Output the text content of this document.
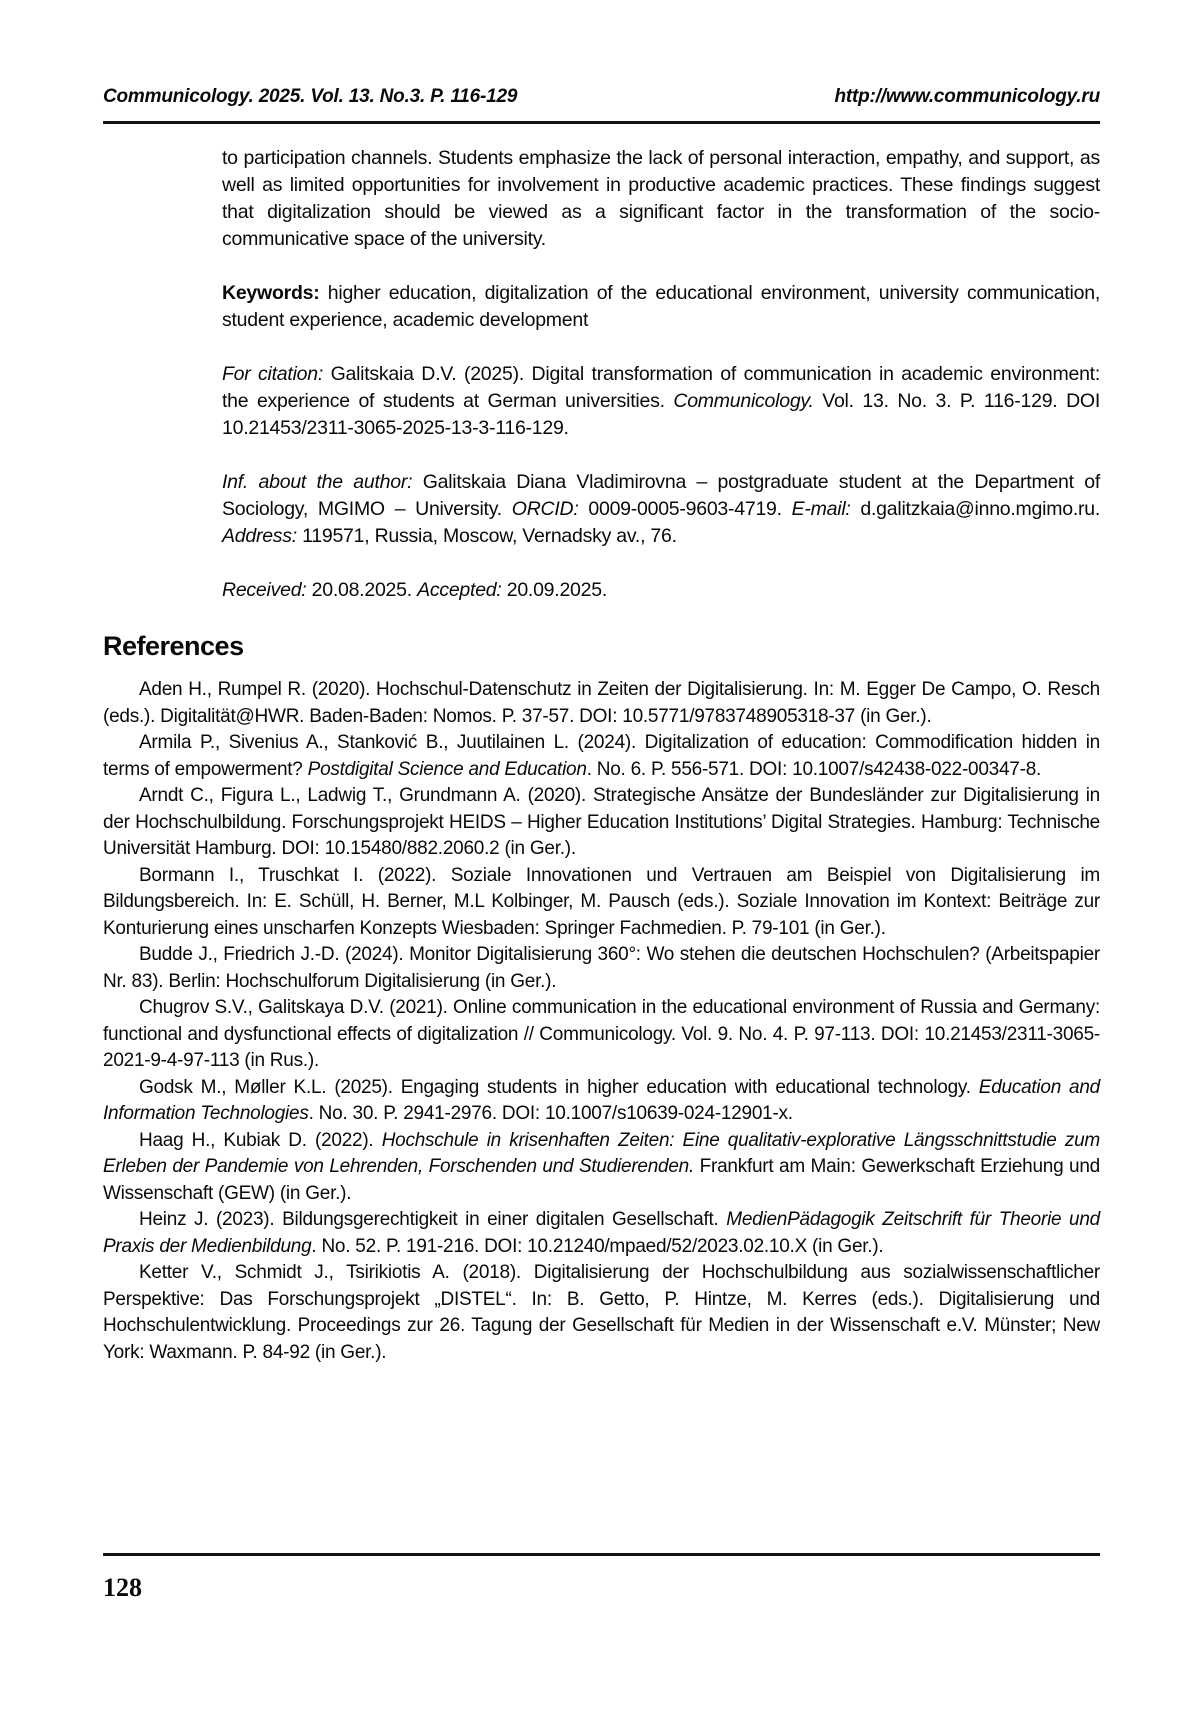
Communicology. 2025. Vol. 13. No.3. P. 116-129	http://www.communicology.ru

to participation channels. Students emphasize the lack of personal interaction, empathy, and support, as well as limited opportunities for involvement in productive academic practices. These findings suggest that digitalization should be viewed as a significant factor in the transformation of the socio-communicative space of the university.

Keywords: higher education, digitalization of the educational environment, university communication, student experience, academic development

For citation: Galitskaia D.V. (2025). Digital transformation of communication in academic environment: the experience of students at German universities. Communicology. Vol. 13. No. 3. P. 116-129. DOI 10.21453/2311-3065-2025-13-3-116-129.

Inf. about the author: Galitskaia Diana Vladimirovna – postgraduate student at the Department of Sociology, MGIMO – University. ORCID: 0009-0005-9603-4719. E-mail: d.galitzkaia@inno.mgimo.ru. Address: 119571, Russia, Moscow, Vernadsky av., 76.

Received: 20.08.2025. Accepted: 20.09.2025.

References

Aden H., Rumpel R. (2020). Hochschul-Datenschutz in Zeiten der Digitalisierung. In: M. Egger De Campo, O. Resch (eds.). Digitalität@HWR. Baden-Baden: Nomos. P. 37-57. DOI: 10.5771/9783748905318-37 (in Ger.).

Armila P., Sivenius A., Stanković B., Juutilainen L. (2024). Digitalization of education: Commodification hidden in terms of empowerment? Postdigital Science and Education. No. 6. P. 556-571. DOI: 10.1007/s42438-022-00347-8.

Arndt C., Figura L., Ladwig T., Grundmann A. (2020). Strategische Ansätze der Bundesländer zur Digitalisierung in der Hochschulbildung. Forschungsprojekt HEIDS – Higher Education Institutions’ Digital Strategies. Hamburg: Technische Universität Hamburg. DOI: 10.15480/882.2060.2 (in Ger.).

Bormann I., Truschkat I. (2022). Soziale Innovationen und Vertrauen am Beispiel von Digitalisierung im Bildungsbereich. In: E. Schüll, H. Berner, M.L Kolbinger, M. Pausch (eds.). Soziale Innovation im Kontext: Beiträge zur Konturierung eines unscharfen Konzepts Wiesbaden: Springer Fachmedien. P. 79-101 (in Ger.).

Budde J., Friedrich J.-D. (2024). Monitor Digitalisierung 360°: Wo stehen die deutschen Hochschulen? (Arbeitspapier Nr. 83). Berlin: Hochschulforum Digitalisierung (in Ger.).

Chugrov S.V., Galitskaya D.V. (2021). Online communication in the educational environment of Russia and Germany: functional and dysfunctional effects of digitalization // Communicology. Vol. 9. No. 4. P. 97-113. DOI: 10.21453/2311-3065-2021-9-4-97-113 (in Rus.).

Godsk M., Møller K.L. (2025). Engaging students in higher education with educational technology. Education and Information Technologies. No. 30. P. 2941-2976. DOI: 10.1007/s10639-024-12901-x.

Haag H., Kubiak D. (2022). Hochschule in krisenhaften Zeiten: Eine qualitativ-explorative Längsschnittstudie zum Erleben der Pandemie von Lehrenden, Forschenden und Studierenden. Frankfurt am Main: Gewerkschaft Erziehung und Wissenschaft (GEW) (in Ger.).

Heinz J. (2023). Bildungsgerechtigkeit in einer digitalen Gesellschaft. MedienPädagogik Zeitschrift für Theorie und Praxis der Medienbildung. No. 52. P. 191-216. DOI: 10.21240/mpaed/52/2023.02.10.X (in Ger.).

Ketter V., Schmidt J., Tsirikiotis A. (2018). Digitalisierung der Hochschulbildung aus sozialwissenschaftlicher Perspektive: Das Forschungsprojekt „DISTEL“. In: B. Getto, P. Hintze, M. Kerres (eds.). Digitalisierung und Hochschulentwicklung. Proceedings zur 26. Tagung der Gesellschaft für Medien in der Wissenschaft e.V. Münster; New York: Waxmann. P. 84-92 (in Ger.).

128
